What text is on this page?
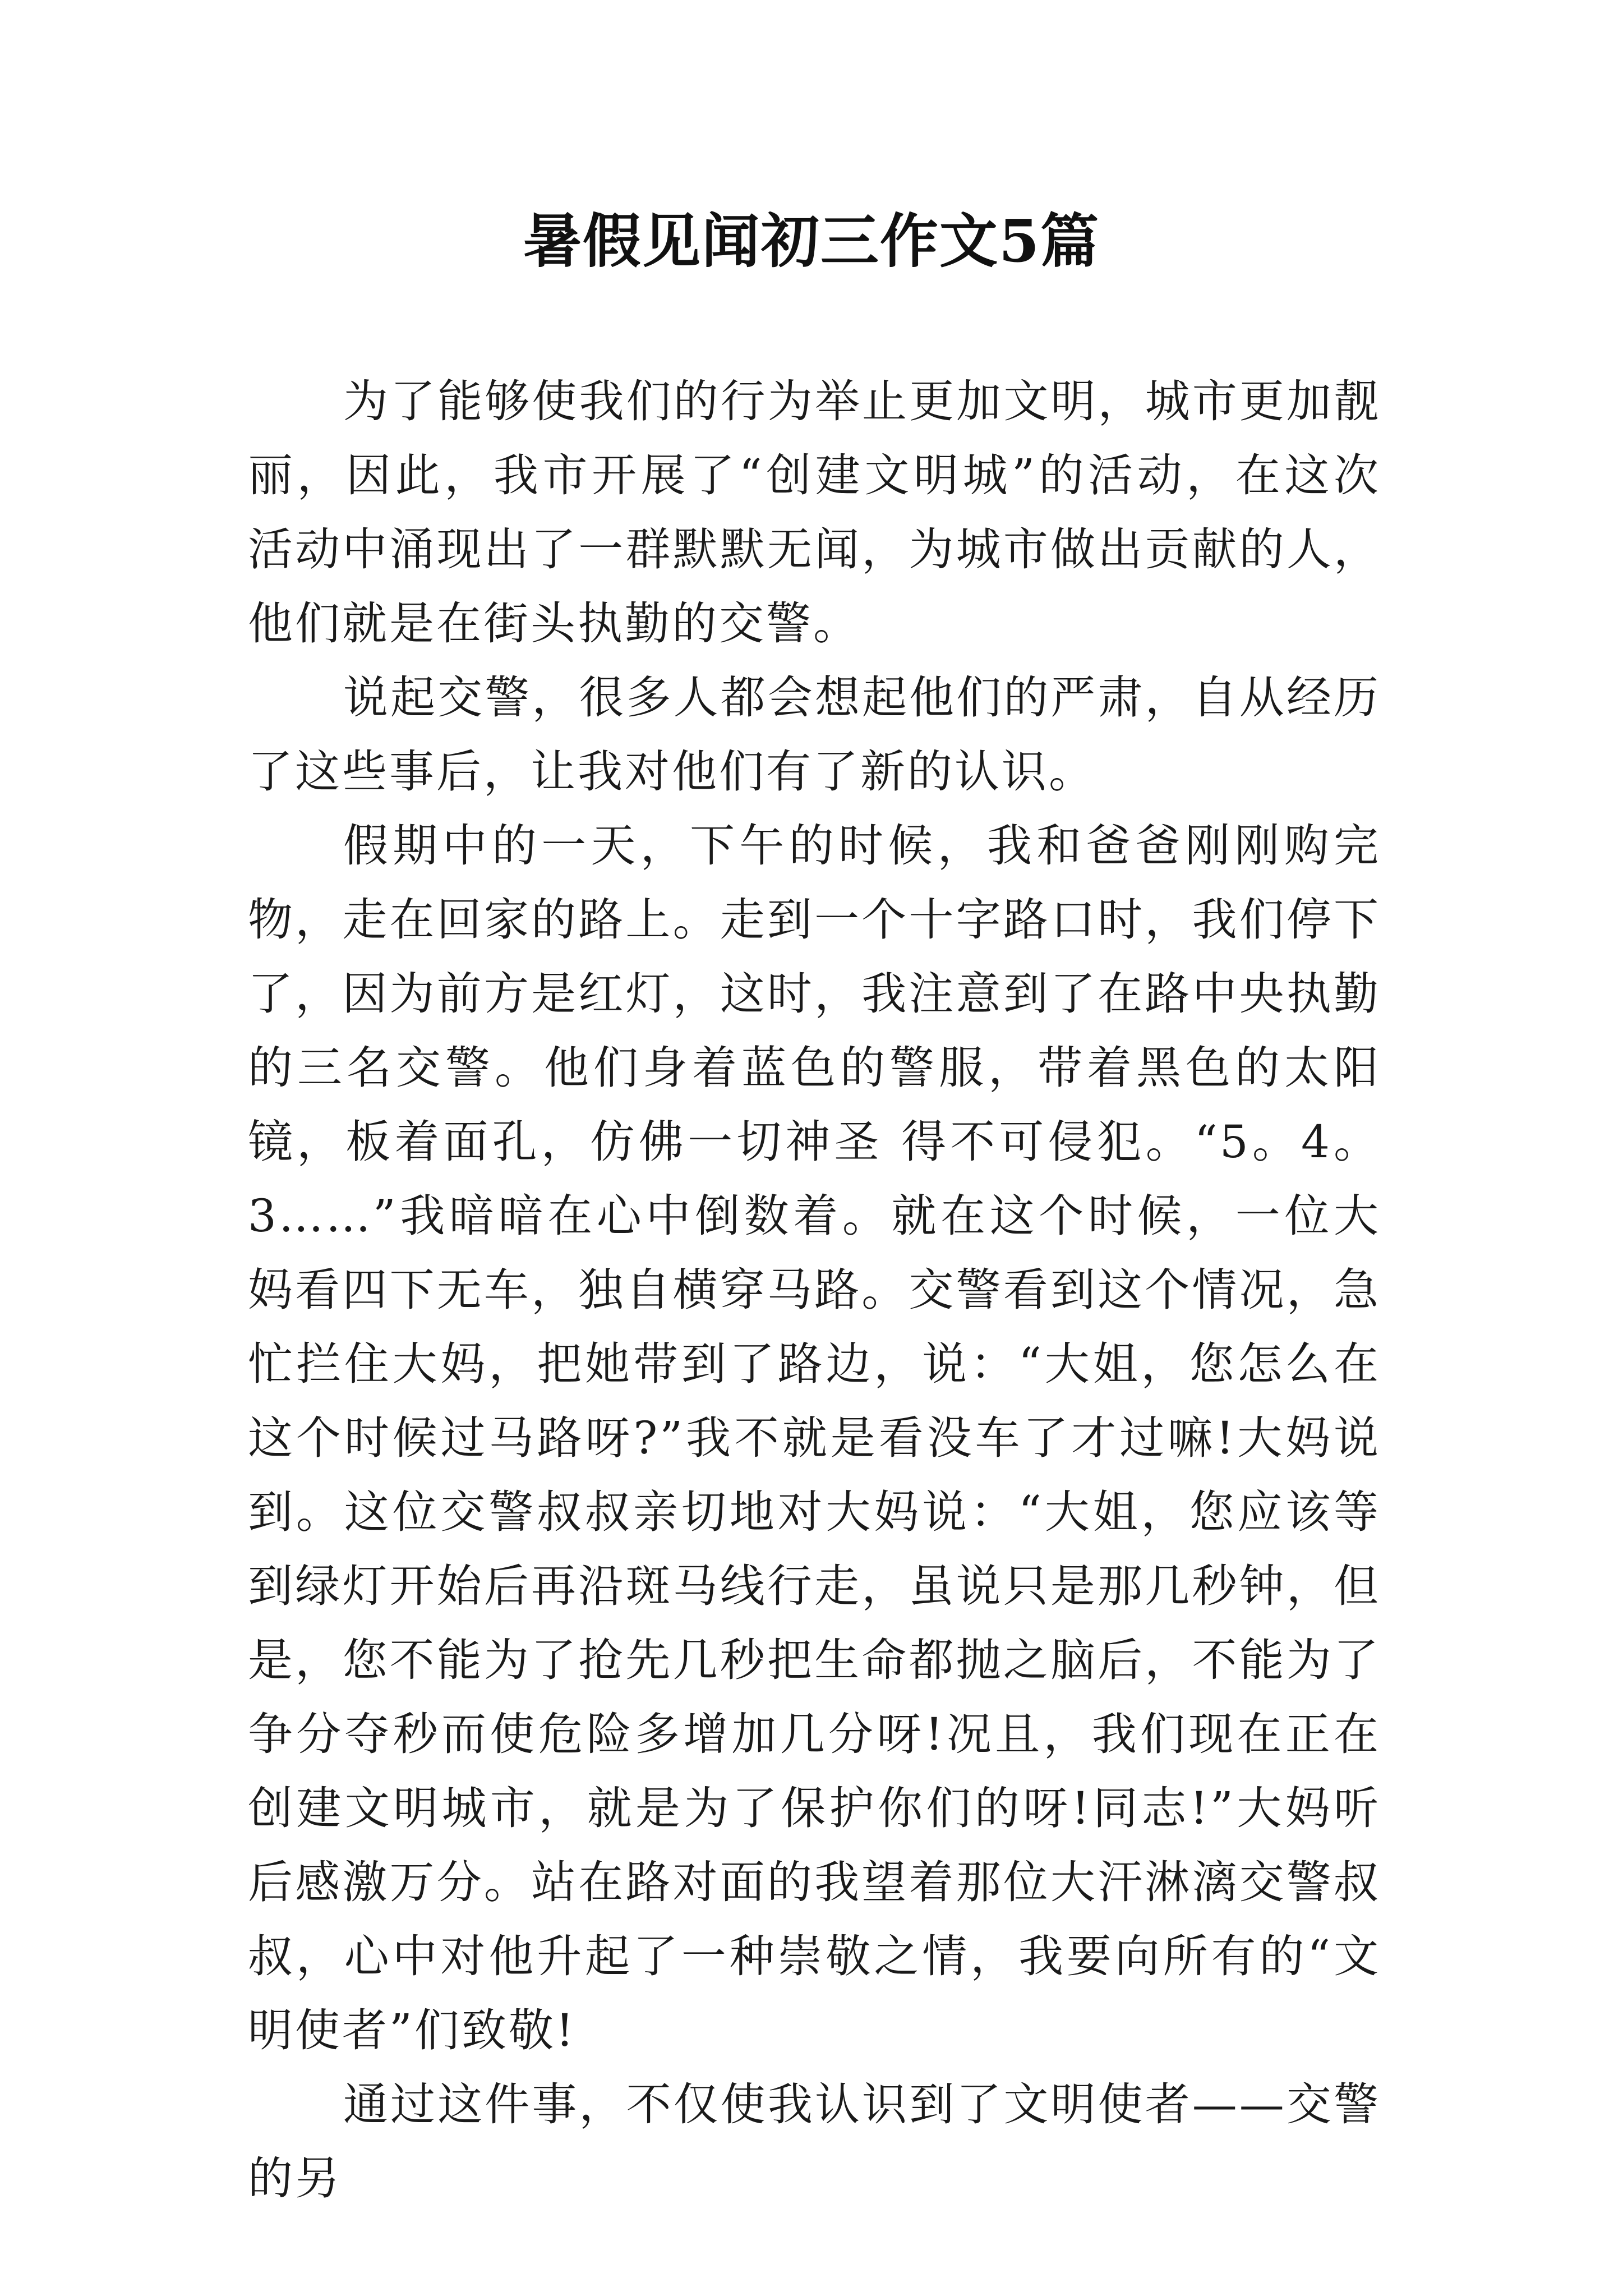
暑假见闻初三作文5篇

为了能够使我们的行为举止更加文明，城市更加靓丽，因此，我市开展了“创建文明城”的活动，在这次活动中涌现出了一群默默无闻，为城市做出贡献的人，他们就是在街头执勤的交警。

说起交警，很多人都会想起他们的严肃，自从经历了这些事后，让我对他们有了新的认识。

假期中的一天，下午的时候，我和爸爸刚刚购完物，走在回家的路上。走到一个十字路口时，我们停下了，因为前方是红灯，这时，我注意到了在路中央执勤的三名交警。他们身着蓝色的警服，带着黑色的太阳镜，板着面孔，仿佛一切神圣 得不可侵犯。“5。4。3……”我暗暗在心中倒数着。就在这个时候，一位大妈看四下无车，独自横穿马路。交警看到这个情况，急忙拦住大妈，把她带到了路边，说：“大姐，您怎么在这个时候过马路呀?”我不就是看没车了才过嘛!大妈说到。这位交警叔叔亲切地对大妈说：“大姐，您应该等到绿灯开始后再沿斑马线行走，虽说只是那几秒钟，但是，您不能为了抢先几秒把生命都抛之脑后，不能为了争分夺秒而使危险多增加几分呀!况且，我们现在正在创建文明城市，就是为了保护你们的呀!同志!”大妈听后感激万分。站在路对面的我望着那位大汗淋漓交警叔叔，心中对他升起了一种崇敬之情，我要向所有的“文明使者”们致敬!

通过这件事，不仅使我认识到了文明使者——交警的另
